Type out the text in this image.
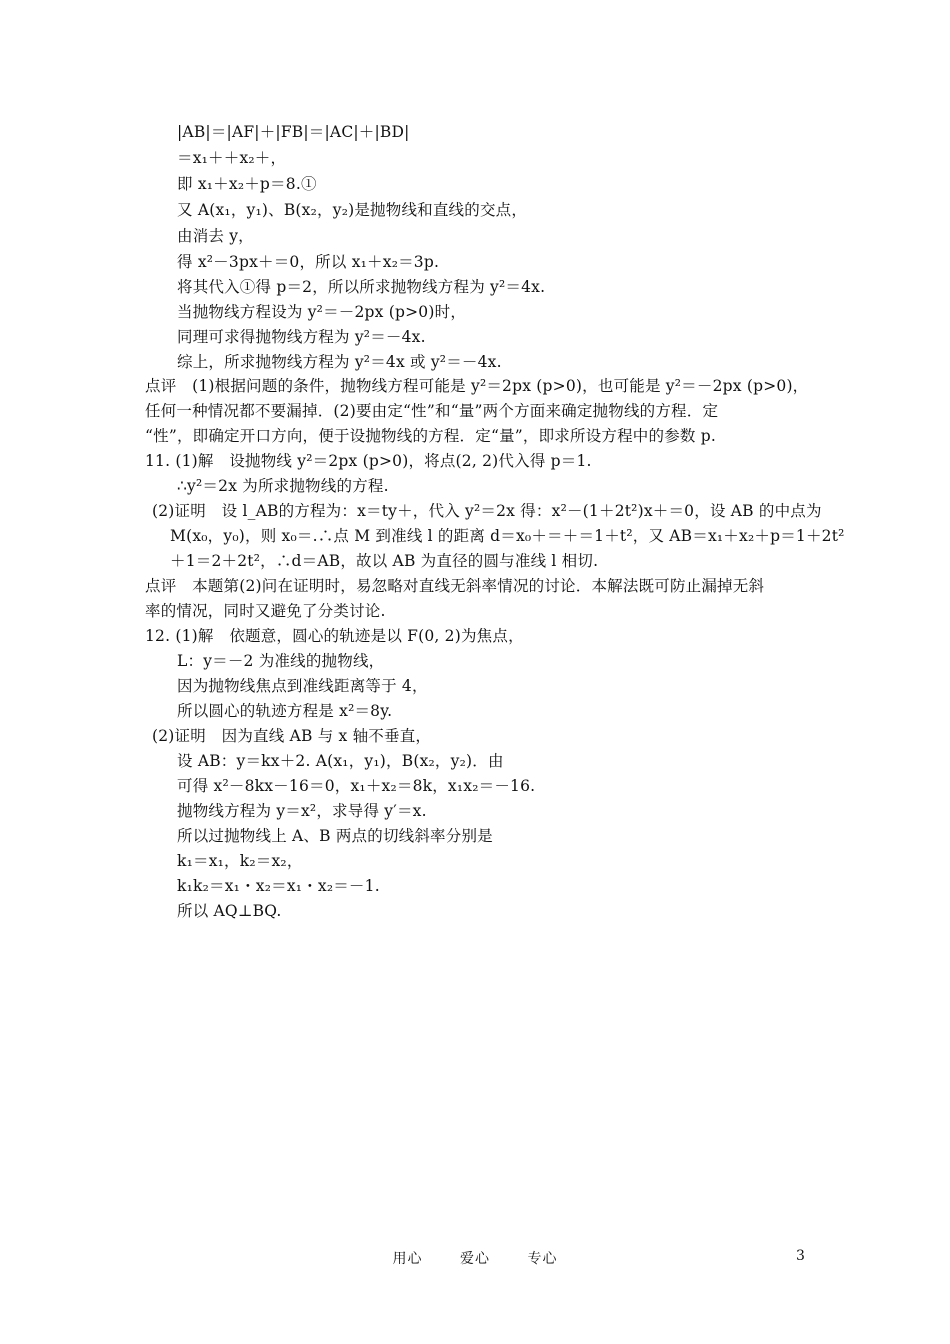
|AB|＝|AF|＋|FB|＝|AC|＋|BD|
＝x₁＋＋x₂＋，
即 x₁＋x₂＋p＝8.①
又 A(x₁，y₁)、B(x₂，y₂)是抛物线和直线的交点，
由消去 y，
得 x²－3px＋＝0，所以 x₁＋x₂＝3p.
将其代入①得 p＝2，所以所求抛物线方程为 y²＝4x.
当抛物线方程设为 y²＝－2px (p>0)时，
同理可求得抛物线方程为 y²＝－4x.
综上，所求抛物线方程为 y²＝4x 或 y²＝－4x.
点评　(1)根据问题的条件，抛物线方程可能是 y²＝2px (p>0)，也可能是 y²＝－2px (p>0)，
任何一种情况都不要漏掉．(2)要由定“性”和“量”两个方面来确定抛物线的方程．定
“性”，即确定开口方向，便于设抛物线的方程．定“量”，即求所设方程中的参数 p.
11. (1)解　设抛物线 y²＝2px (p>0)，将点(2, 2)代入得 p＝1.
∴y²＝2x 为所求抛物线的方程.
(2)证明　设 l_AB的方程为：x＝ty＋，代入 y²＝2x 得：x²－(1＋2t²)x＋＝0，设 AB 的中点为
M(x₀，y₀)，则 x₀＝.∴点 M 到准线 l 的距离 d＝x₀＋＝＋＝1＋t²，又 AB＝x₁＋x₂＋p＝1＋2t²
＋1＝2＋2t²，∴d＝AB，故以 AB 为直径的圆与准线 l 相切.
点评　本题第(2)问在证明时，易忽略对直线无斜率情况的讨论．本解法既可防止漏掉无斜
率的情况，同时又避免了分类讨论.
12. (1)解　依题意，圆心的轨迹是以 F(0, 2)为焦点，
L：y＝－2 为准线的抛物线，
因为抛物线焦点到准线距离等于 4，
所以圆心的轨迹方程是 x²＝8y.
(2)证明　因为直线 AB 与 x 轴不垂直，
设 AB：y＝kx＋2. A(x₁，y₁)，B(x₂，y₂)．由
可得 x²－8kx－16＝0，x₁＋x₂＝8k，x₁x₂＝－16.
抛物线方程为 y＝x²，求导得 y′＝x.
所以过抛物线上 A、B 两点的切线斜率分别是
k₁＝x₁，k₂＝x₂，
k₁k₂＝x₁・x₂＝x₁・x₂＝－1.
所以 AQ⊥BQ.
用心	爱心	专心	3
